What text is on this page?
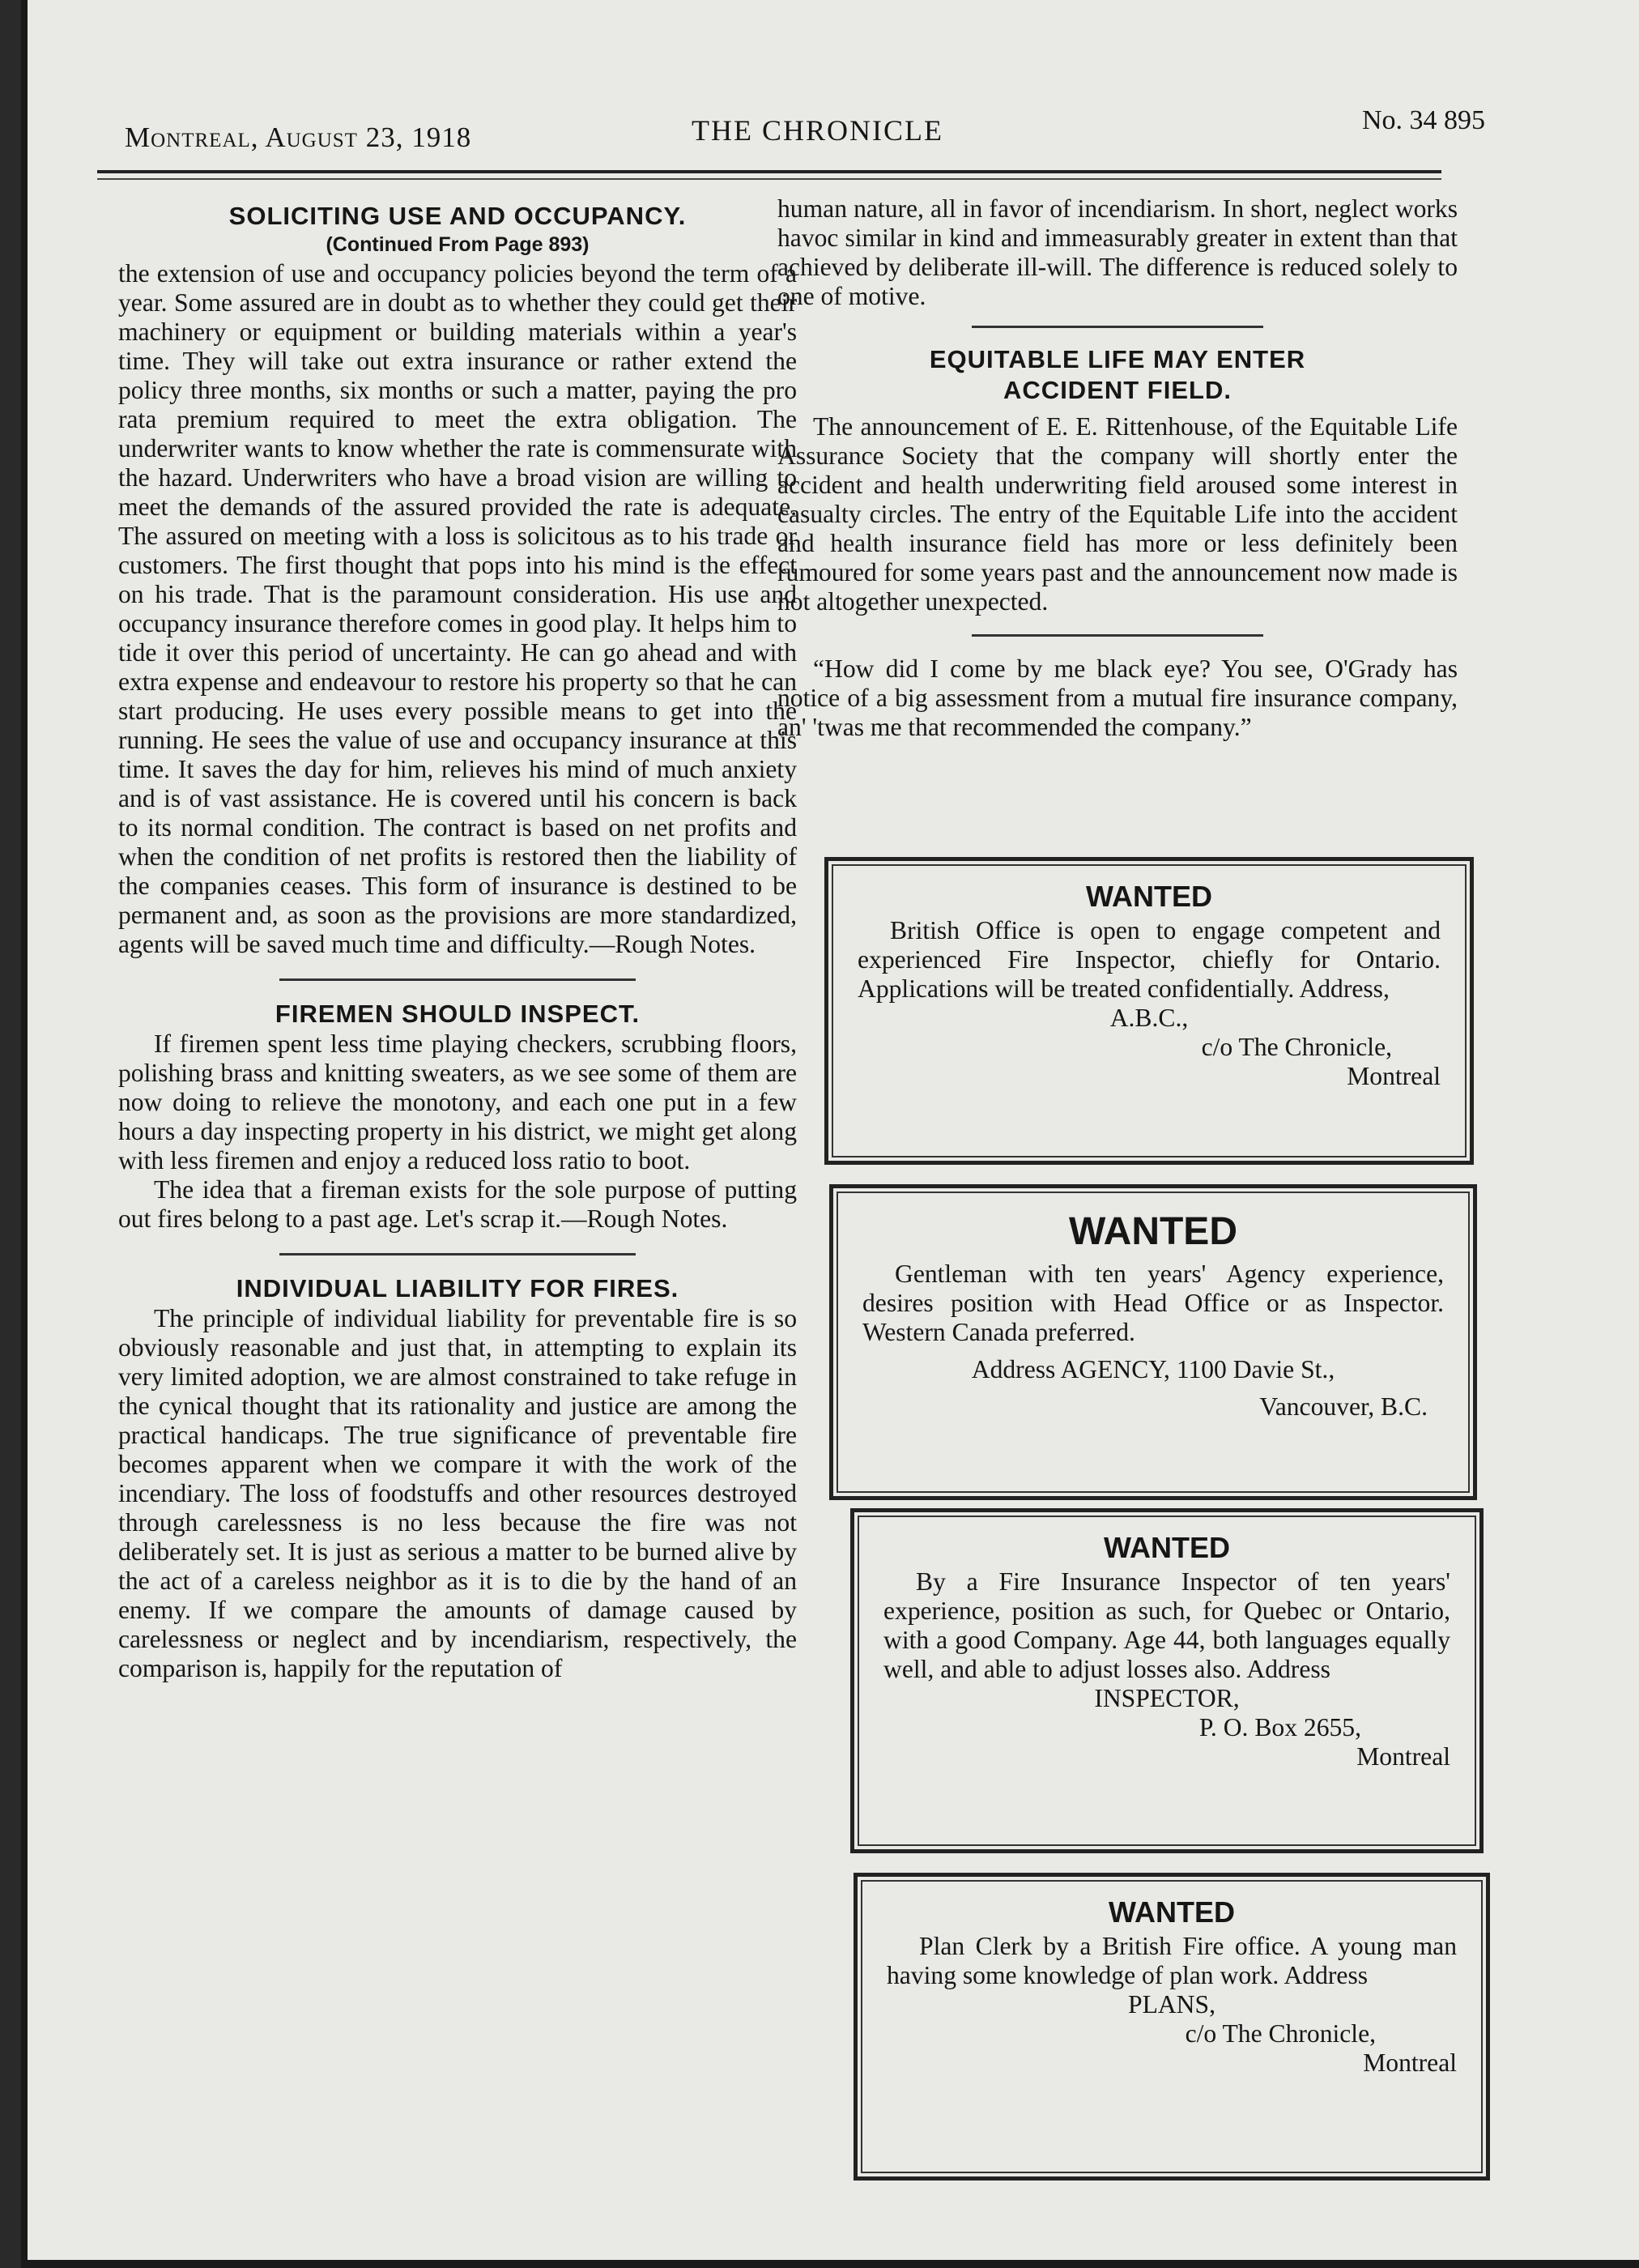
Montreal, August 23, 1918	THE CHRONICLE	No. 34 895
SOLICITING USE AND OCCUPANCY.
(Continued From Page 893)

the extension of use and occupancy policies beyond the term of a year. Some assured are in doubt as to whether they could get their machinery or equipment or building materials within a year's time. They will take out extra insurance or rather extend the policy three months, six months or such a matter, paying the pro rata premium required to meet the extra obligation. The underwriter wants to know whether the rate is commensurate with the hazard. Underwriters who have a broad vision are willing to meet the demands of the assured provided the rate is adequate. The assured on meeting with a loss is solicitous as to his trade or customers. The first thought that pops into his mind is the effect on his trade. That is the paramount consideration. His use and occupancy insurance therefore comes in good play. It helps him to tide it over this period of uncertainty. He can go ahead and with extra expense and endeavour to restore his property so that he can start producing. He uses every possible means to get into the running. He sees the value of use and occupancy insurance at this time. It saves the day for him, relieves his mind of much anxiety and is of vast assistance. He is covered until his concern is back to its normal condition. The contract is based on net profits and when the condition of net profits is restored then the liability of the companies ceases. This form of insurance is destined to be permanent and, as soon as the provisions are more standardized, agents will be saved much time and difficulty.—Rough Notes.

FIREMEN SHOULD INSPECT.

If firemen spent less time playing checkers, scrubbing floors, polishing brass and knitting sweaters, as we see some of them are now doing to relieve the monotony, and each one put in a few hours a day inspecting property in his district, we might get along with less firemen and enjoy a reduced loss ratio to boot.

The idea that a fireman exists for the sole purpose of putting out fires belong to a past age. Let's scrap it.—Rough Notes.

INDIVIDUAL LIABILITY FOR FIRES.

The principle of individual liability for preventable fire is so obviously reasonable and just that, in attempting to explain its very limited adoption, we are almost constrained to take refuge in the cynical thought that its rationality and justice are among the practical handicaps. The true significance of preventable fire becomes apparent when we compare it with the work of the incendiary. The loss of foodstuffs and other resources destroyed through carelessness is no less because the fire was not deliberately set. It is just as serious a matter to be burned alive by the act of a careless neighbor as it is to die by the hand of an enemy. If we compare the amounts of damage caused by carelessness or neglect and by incendiarism, respectively, the comparison is, happily for the reputation of

human nature, all in favor of incendiarism. In short, neglect works havoc similar in kind and immeasurably greater in extent than that achieved by deliberate ill-will. The difference is reduced solely to one of motive.

EQUITABLE LIFE MAY ENTER
ACCIDENT FIELD.

The announcement of E. E. Rittenhouse, of the Equitable Life Assurance Society that the company will shortly enter the accident and health underwriting field aroused some interest in casualty circles. The entry of the Equitable Life into the accident and health insurance field has more or less definitely been rumoured for some years past and the announcement now made is not altogether unexpected.

“How did I come by me black eye? You see, O'Grady has notice of a big assessment from a mutual fire insurance company, an' 'twas me that recommended the company.”

WANTED

British Office is open to engage competent and experienced Fire Inspector, chiefly for Ontario. Applications will be treated confidentially. Address,

A.B.C.,
c/o The Chronicle,
Montreal
WANTED

Gentleman with ten years' Agency experience, desires position with Head Office or as Inspector. Western Canada preferred.

Address AGENCY, 1100 Davie St.,
Vancouver, B.C.
WANTED

By a Fire Insurance Inspector of ten years' experience, position as such, for Quebec or Ontario, with a good Company. Age 44, both languages equally well, and able to adjust losses also. Address

INSPECTOR,
P. O. Box 2655,
Montreal
WANTED

Plan Clerk by a British Fire office. A young man having some knowledge of plan work. Address

PLANS,
c/o The Chronicle,
Montreal
